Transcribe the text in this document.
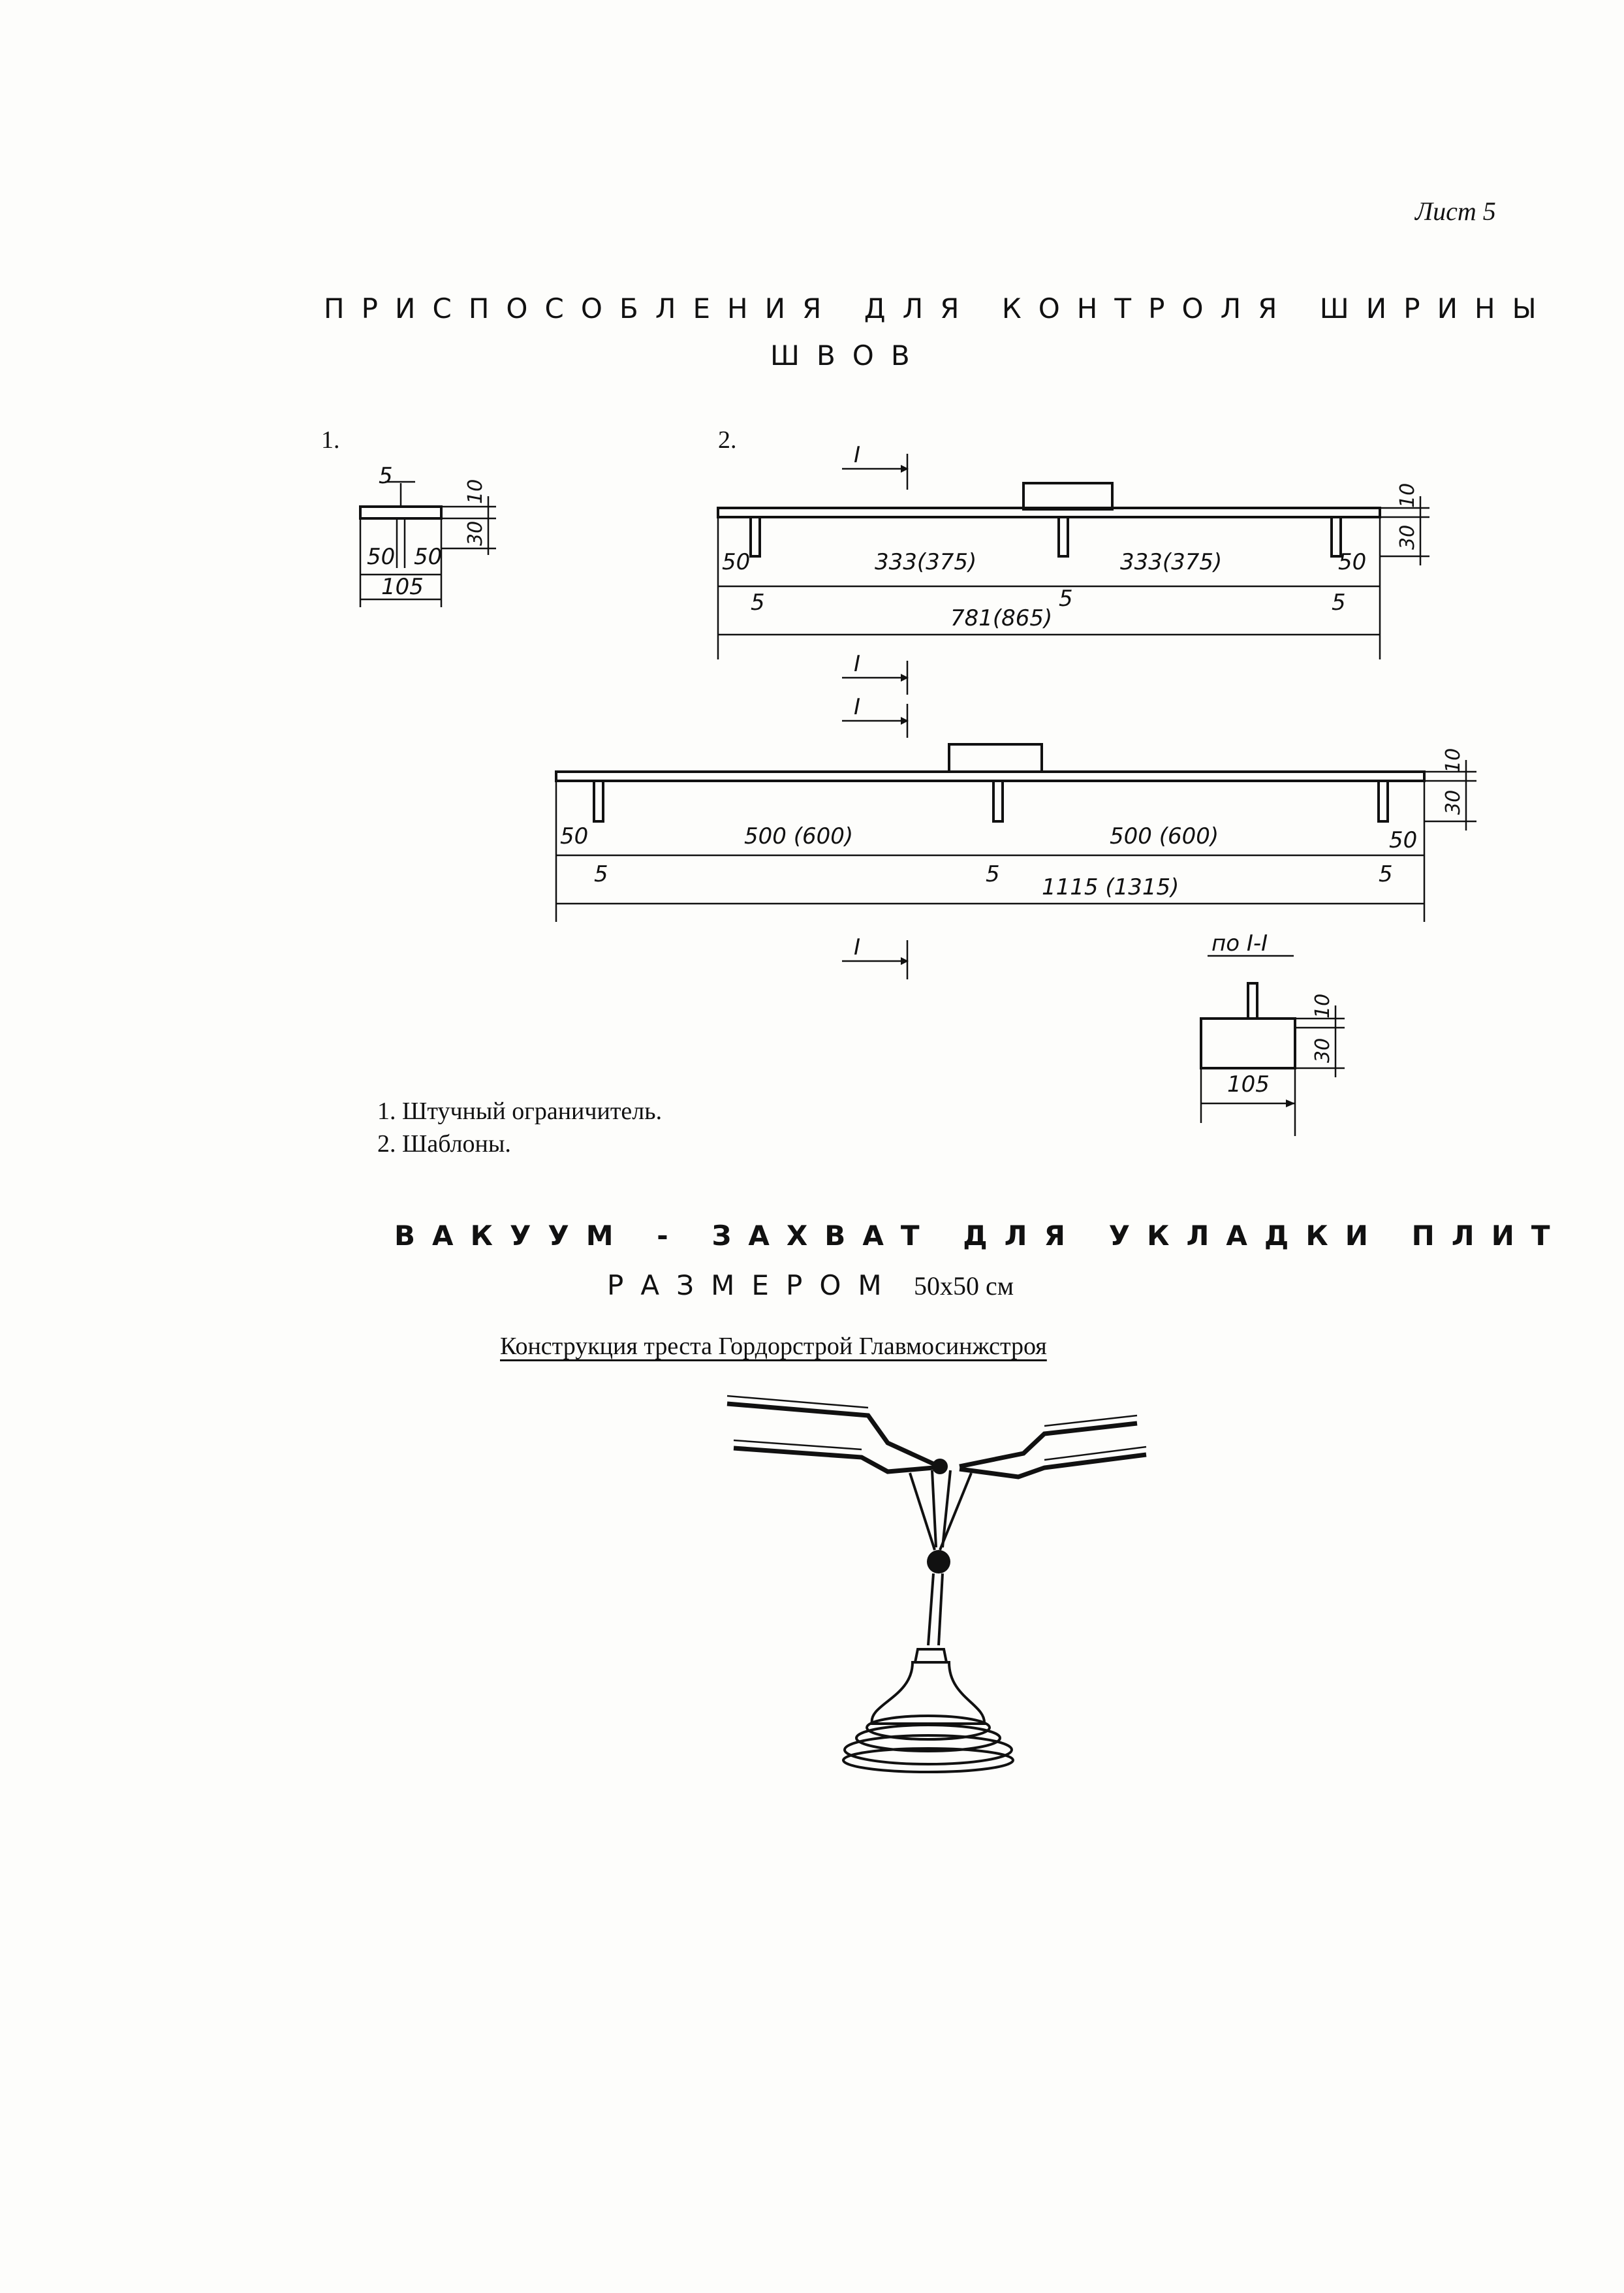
Лист 5
ПРИСПОСОБЛЕНИЯ ДЛЯ КОНТРОЛЯ ШИРИНЫ
ШВОВ
1.	2.
5
10
30
50 50
105
I
10
30
50	333(375)	333(375)	50
5	5	5
781(865)
I
I
10
30
50	500 (600)	500 (600)	50
5	5	5
1115 (1315)
I	по I-I
10
30
105
1. Штучный ограничитель.
2. Шаблоны.
ВАКУУМ - ЗАХВАТ ДЛЯ УКЛАДКИ ПЛИТ
РАЗМЕРОМ 50х50 см
Конструкция треста Гордорстрой Главмосинжстроя
